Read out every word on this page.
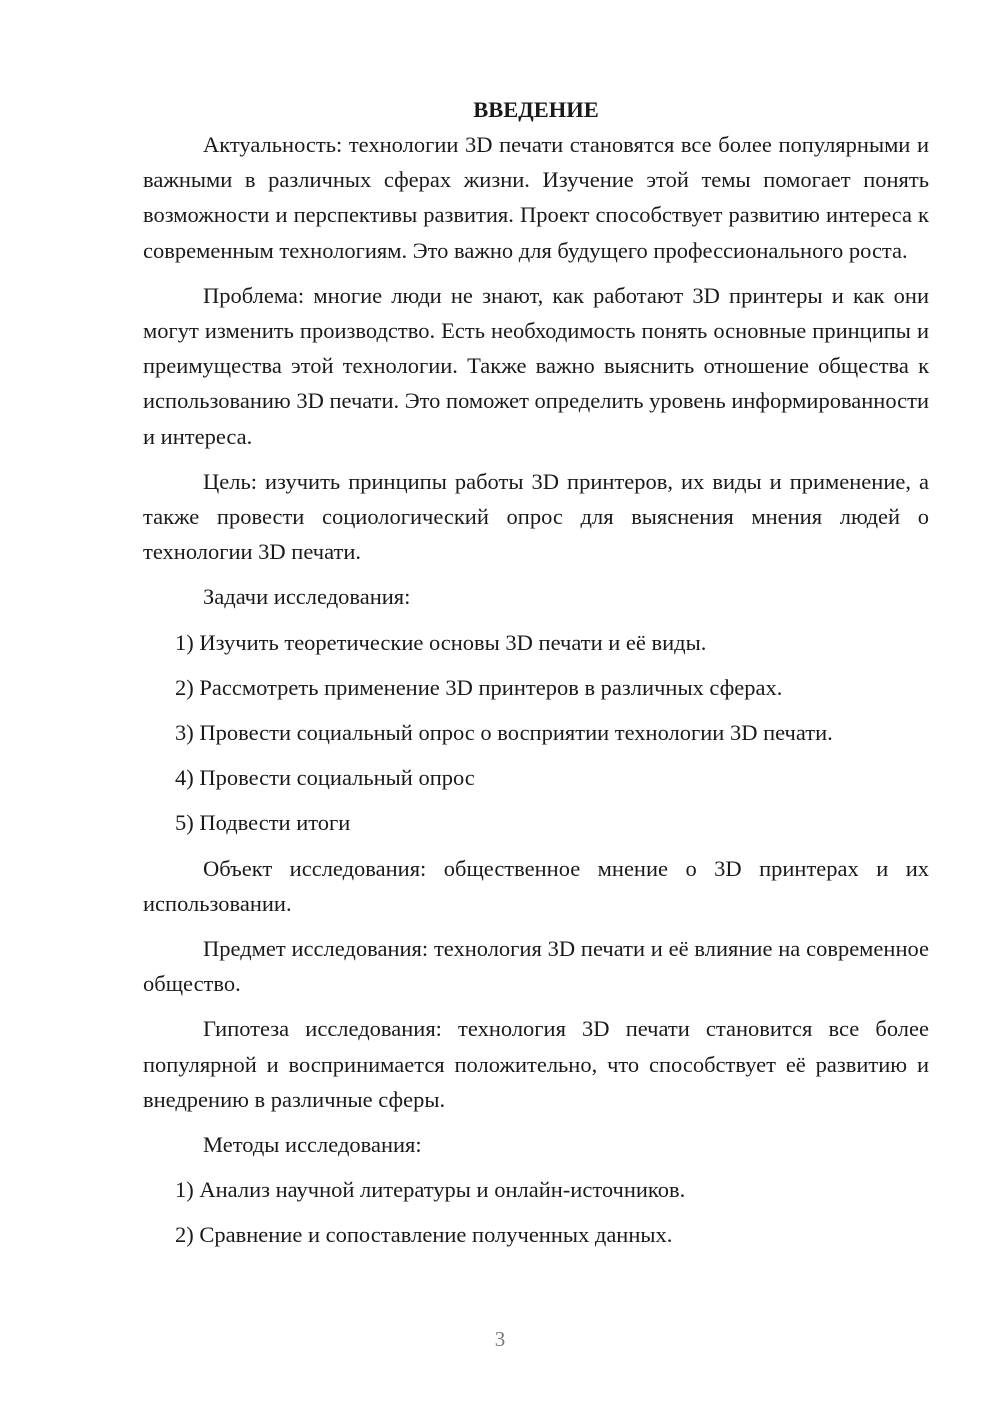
ВВЕДЕНИЕ

Актуальность: технологии 3D печати становятся все более популярными и важными в различных сферах жизни. Изучение этой темы помогает понять возможности и перспективы развития. Проект способствует развитию интереса к современным технологиям. Это важно для будущего профессионального роста.

Проблема: многие люди не знают, как работают 3D принтеры и как они могут изменить производство. Есть необходимость понять основные принципы и преимущества этой технологии. Также важно выяснить отношение общества к использованию 3D печати. Это поможет определить уровень информированности и интереса.

Цель: изучить принципы работы 3D принтеров, их виды и применение, а также провести социологический опрос для выяснения мнения людей о технологии 3D печати.

Задачи исследования:
1) Изучить теоретические основы 3D печати и её виды.
2) Рассмотреть применение 3D принтеров в различных сферах.
3) Провести социальный опрос о восприятии технологии 3D печати.
4) Провести социальный опрос
5) Подвести итоги

Объект исследования: общественное мнение о 3D принтерах и их использовании.

Предмет исследования: технология 3D печати и её влияние на современное общество.

Гипотеза исследования: технология 3D печати становится все более популярной и воспринимается положительно, что способствует её развитию и внедрению в различные сферы.

Методы исследования:
1) Анализ научной литературы и онлайн-источников.
2) Сравнение и сопоставление полученных данных.
3
